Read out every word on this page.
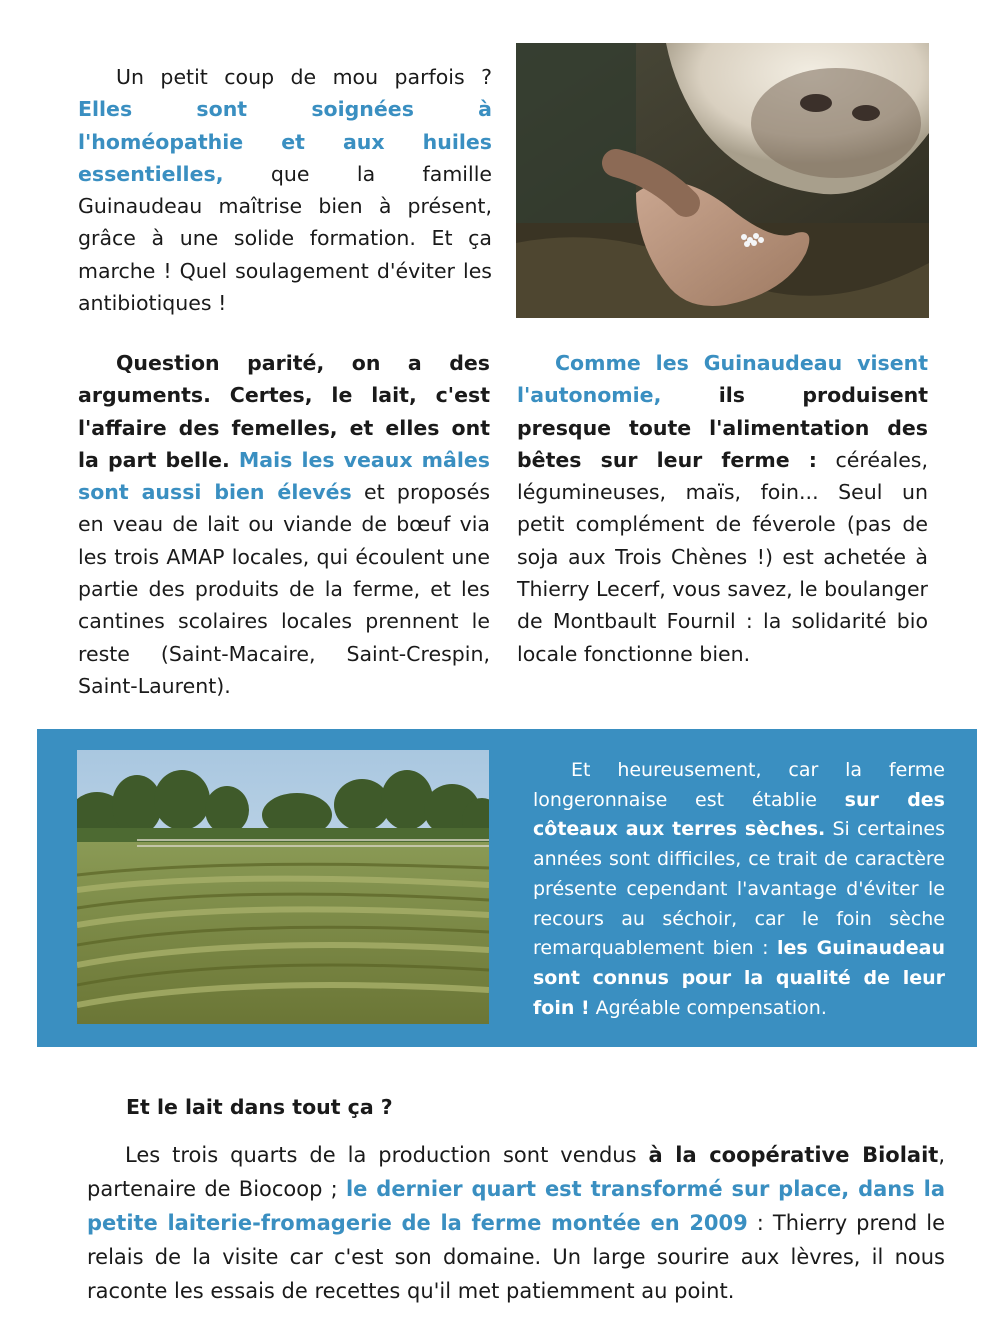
Un petit coup de mou parfois ? Elles sont soignées à l'homéopathie et aux huiles essentielles, que la famille Guinaudeau maîtrise bien à présent, grâce à une solide formation. Et ça marche ! Quel soulagement d'éviter les antibiotiques !

Question parité, on a des arguments. Certes, le lait, c'est l'affaire des femelles, et elles ont la part belle. Mais les veaux mâles sont aussi bien élevés et proposés en veau de lait ou viande de bœuf via les trois AMAP locales, qui écoulent une partie des produits de la ferme, et les cantines scolaires locales prennent le reste (Saint-Macaire, Saint-Crespin, Saint-Laurent).

Comme les Guinaudeau visent l'autonomie, ils produisent presque toute l'alimentation des bêtes sur leur ferme : céréales, légumineuses, maïs, foin... Seul un petit complément de féverole (pas de soja aux Trois Chènes !) est achetée à Thierry Lecerf, vous savez, le boulanger de Montbault Fournil : la solidarité bio locale fonctionne bien.

Et heureusement, car la ferme longeronnaise est établie sur des côteaux aux terres sèches. Si certaines années sont difficiles, ce trait de caractère présente cependant l'avantage d'éviter le recours au séchoir, car le foin sèche remarquablement bien : les Guinaudeau sont connus pour la qualité de leur foin ! Agréable compensation.

Et le lait dans tout ça ?

Les trois quarts de la production sont vendus à la coopérative Biolait, partenaire de Biocoop ; le dernier quart est transformé sur place, dans la petite laiterie-fromagerie de la ferme montée en 2009 : Thierry prend le relais de la visite car c'est son domaine. Un large sourire aux lèvres, il nous raconte les essais de recettes qu'il met patiemment au point.
